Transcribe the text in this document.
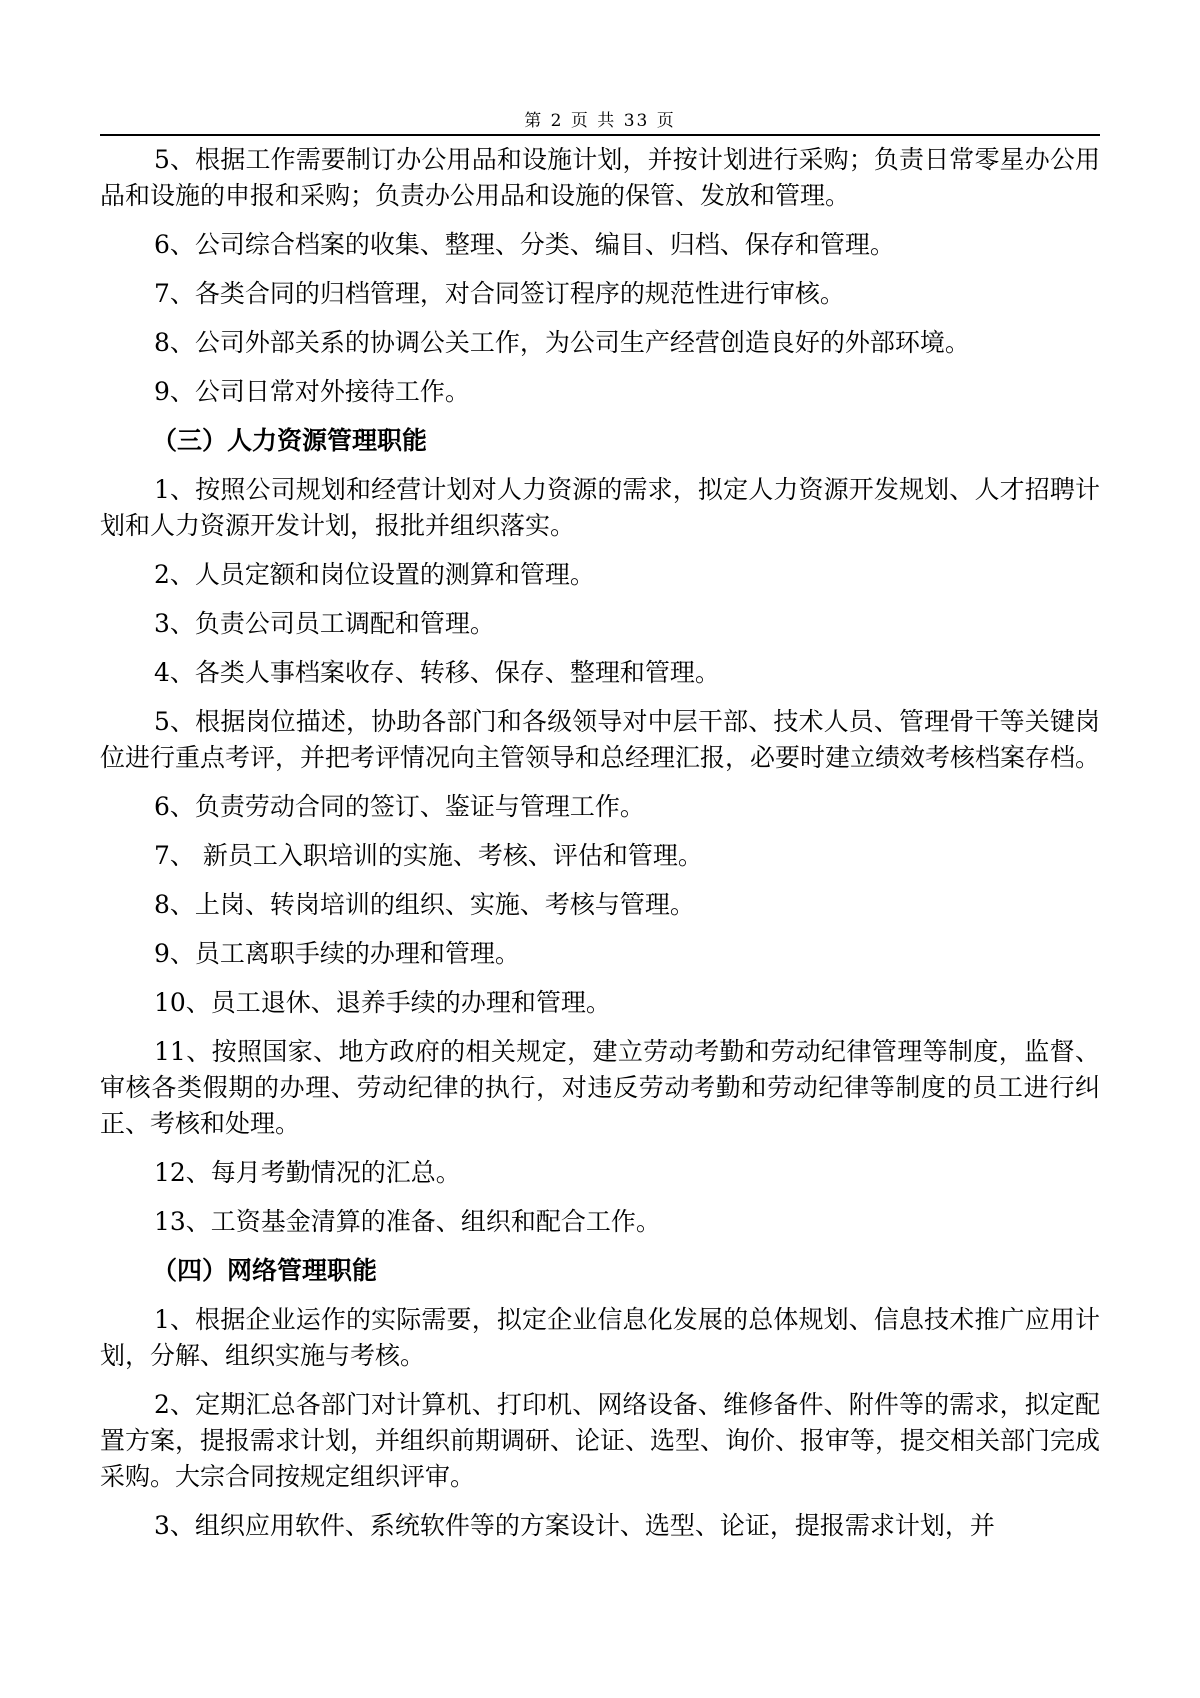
第 2 页 共 33 页

5、根据工作需要制订办公用品和设施计划，并按计划进行采购；负责日常零星办公用品和设施的申报和采购；负责办公用品和设施的保管、发放和管理。

6、公司综合档案的收集、整理、分类、编目、归档、保存和管理。

7、各类合同的归档管理，对合同签订程序的规范性进行审核。

8、公司外部关系的协调公关工作，为公司生产经营创造良好的外部环境。

9、公司日常对外接待工作。

（三）人力资源管理职能

1、按照公司规划和经营计划对人力资源的需求，拟定人力资源开发规划、人才招聘计划和人力资源开发计划，报批并组织落实。

2、人员定额和岗位设置的测算和管理。

3、负责公司员工调配和管理。

4、各类人事档案收存、转移、保存、整理和管理。

5、根据岗位描述，协助各部门和各级领导对中层干部、技术人员、管理骨干等关键岗位进行重点考评，并把考评情况向主管领导和总经理汇报，必要时建立绩效考核档案存档。

6、负责劳动合同的签订、鉴证与管理工作。

7、 新员工入职培训的实施、考核、评估和管理。

8、上岗、转岗培训的组织、实施、考核与管理。

9、员工离职手续的办理和管理。

10、员工退休、退养手续的办理和管理。

11、按照国家、地方政府的相关规定，建立劳动考勤和劳动纪律管理等制度，监督、审核各类假期的办理、劳动纪律的执行，对违反劳动考勤和劳动纪律等制度的员工进行纠正、考核和处理。

12、每月考勤情况的汇总。

13、工资基金清算的准备、组织和配合工作。

（四）网络管理职能

1、根据企业运作的实际需要，拟定企业信息化发展的总体规划、信息技术推广应用计划，分解、组织实施与考核。

2、定期汇总各部门对计算机、打印机、网络设备、维修备件、附件等的需求，拟定配置方案，提报需求计划，并组织前期调研、论证、选型、询价、报审等，提交相关部门完成采购。大宗合同按规定组织评审。

3、组织应用软件、系统软件等的方案设计、选型、论证，提报需求计划，并
